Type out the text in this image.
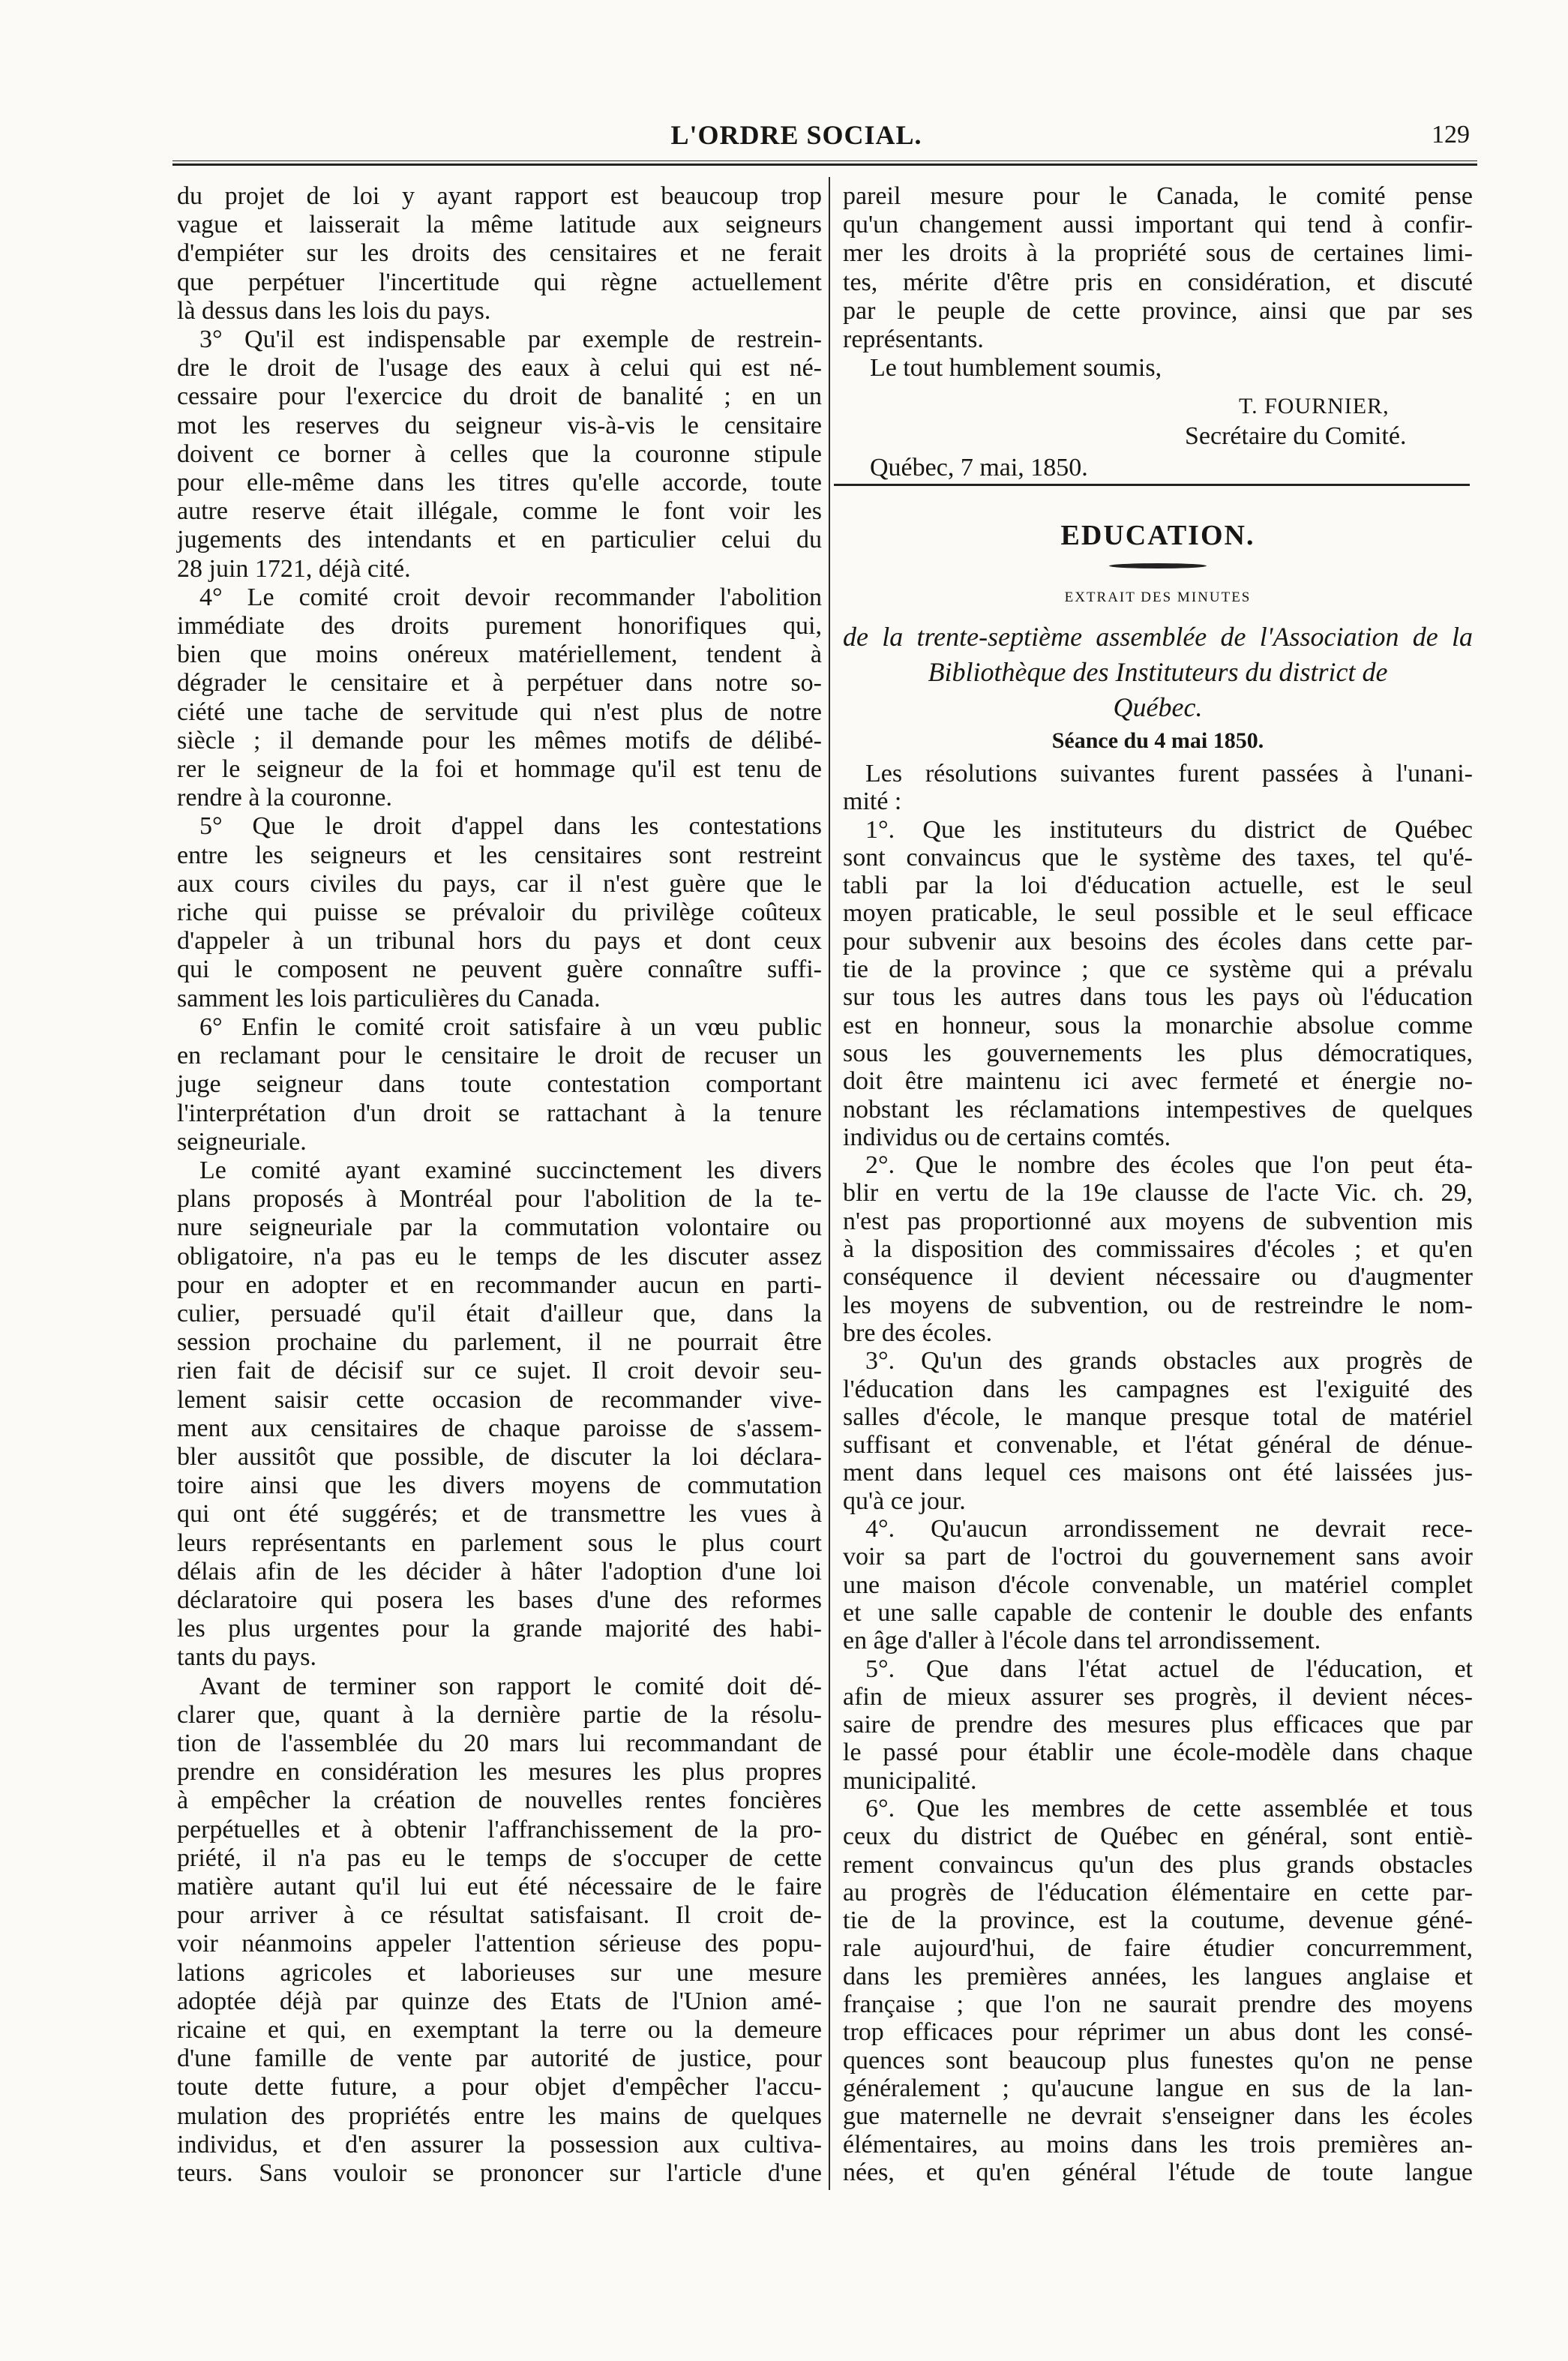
L'ORDRE SOCIAL.	129
du projet de loi y ayant rapport est beaucoup trop
vague et laisserait la même latitude aux seigneurs
d'empiéter sur les droits des censitaires et ne ferait
que perpétuer l'incertitude qui règne actuellement
là dessus dans les lois du pays.
3° Qu'il est indispensable par exemple de restrein-
dre le droit de l'usage des eaux à celui qui est né-
cessaire pour l'exercice du droit de banalité ; en un
mot les reserves du seigneur vis-à-vis le censitaire
doivent ce borner à celles que la couronne stipule
pour elle-même dans les titres qu'elle accorde, toute
autre reserve était illégale, comme le font voir les
jugements des intendants et en particulier celui du
28 juin 1721, déjà cité.
4° Le comité croit devoir recommander l'abolition
immédiate des droits purement honorifiques qui,
bien que moins onéreux matériellement, tendent à
dégrader le censitaire et à perpétuer dans notre so-
ciété une tache de servitude qui n'est plus de notre
siècle ; il demande pour les mêmes motifs de délibé-
rer le seigneur de la foi et hommage qu'il est tenu de
rendre à la couronne.
5° Que le droit d'appel dans les contestations
entre les seigneurs et les censitaires sont restreint
aux cours civiles du pays, car il n'est guère que le
riche qui puisse se prévaloir du privilège coûteux
d'appeler à un tribunal hors du pays et dont ceux
qui le composent ne peuvent guère connaître suffi-
samment les lois particulières du Canada.
6° Enfin le comité croit satisfaire à un vœu public
en reclamant pour le censitaire le droit de recuser un
juge seigneur dans toute contestation comportant
l'interprétation d'un droit se rattachant à la tenure
seigneuriale.
Le comité ayant examiné succinctement les divers
plans proposés à Montréal pour l'abolition de la te-
nure seigneuriale par la commutation volontaire ou
obligatoire, n'a pas eu le temps de les discuter assez
pour en adopter et en recommander aucun en parti-
culier, persuadé qu'il était d'ailleur que, dans la
session prochaine du parlement, il ne pourrait être
rien fait de décisif sur ce sujet. Il croit devoir seu-
lement saisir cette occasion de recommander vive-
ment aux censitaires de chaque paroisse de s'assem-
bler aussitôt que possible, de discuter la loi déclara-
toire ainsi que les divers moyens de commutation
qui ont été suggérés; et de transmettre les vues à
leurs représentants en parlement sous le plus court
délais afin de les décider à hâter l'adoption d'une loi
déclaratoire qui posera les bases d'une des reformes
les plus urgentes pour la grande majorité des habi-
tants du pays.
Avant de terminer son rapport le comité doit dé-
clarer que, quant à la dernière partie de la résolu-
tion de l'assemblée du 20 mars lui recommandant de
prendre en considération les mesures les plus propres
à empêcher la création de nouvelles rentes foncières
perpétuelles et à obtenir l'affranchissement de la pro-
priété, il n'a pas eu le temps de s'occuper de cette
matière autant qu'il lui eut été nécessaire de le faire
pour arriver à ce résultat satisfaisant. Il croit de-
voir néanmoins appeler l'attention sérieuse des popu-
lations agricoles et laborieuses sur une mesure
adoptée déjà par quinze des Etats de l'Union amé-
ricaine et qui, en exemptant la terre ou la demeure
d'une famille de vente par autorité de justice, pour
toute dette future, a pour objet d'empêcher l'accu-
mulation des propriétés entre les mains de quelques
individus, et d'en assurer la possession aux cultiva-
teurs. Sans vouloir se prononcer sur l'article d'une
pareil mesure pour le Canada, le comité pense
qu'un changement aussi important qui tend à confir-
mer les droits à la propriété sous de certaines limi-
tes, mérite d'être pris en considération, et discuté
par le peuple de cette province, ainsi que par ses
représentants.
Le tout humblement soumis,
T. FOURNIER,
Secrétaire du Comité.
Québec, 7 mai, 1850.
EDUCATION.
EXTRAIT DES MINUTES
de la trente-septième assemblée de l'Association de la
Bibliothèque des Instituteurs du district de
Québec.
Séance du 4 mai 1850.
Les résolutions suivantes furent passées à l'unani-
mité :
1°. Que les instituteurs du district de Québec
sont convaincus que le système des taxes, tel qu'é-
tabli par la loi d'éducation actuelle, est le seul
moyen praticable, le seul possible et le seul efficace
pour subvenir aux besoins des écoles dans cette par-
tie de la province ; que ce système qui a prévalu
sur tous les autres dans tous les pays où l'éducation
est en honneur, sous la monarchie absolue comme
sous les gouvernements les plus démocratiques,
doit être maintenu ici avec fermeté et énergie no-
nobstant les réclamations intempestives de quelques
individus ou de certains comtés.
2°. Que le nombre des écoles que l'on peut éta-
blir en vertu de la 19e clausse de l'acte Vic. ch. 29,
n'est pas proportionné aux moyens de subvention mis
à la disposition des commissaires d'écoles ; et qu'en
conséquence il devient nécessaire ou d'augmenter
les moyens de subvention, ou de restreindre le nom-
bre des écoles.
3°. Qu'un des grands obstacles aux progrès de
l'éducation dans les campagnes est l'exiguité des
salles d'école, le manque presque total de matériel
suffisant et convenable, et l'état général de dénue-
ment dans lequel ces maisons ont été laissées jus-
qu'à ce jour.
4°. Qu'aucun arrondissement ne devrait rece-
voir sa part de l'octroi du gouvernement sans avoir
une maison d'école convenable, un matériel complet
et une salle capable de contenir le double des enfants
en âge d'aller à l'école dans tel arrondissement.
5°. Que dans l'état actuel de l'éducation, et
afin de mieux assurer ses progrès, il devient néces-
saire de prendre des mesures plus efficaces que par
le passé pour établir une école-modèle dans chaque
municipalité.
6°. Que les membres de cette assemblée et tous
ceux du district de Québec en général, sont entiè-
rement convaincus qu'un des plus grands obstacles
au progrès de l'éducation élémentaire en cette par-
tie de la province, est la coutume, devenue géné-
rale aujourd'hui, de faire étudier concurremment,
dans les premières années, les langues anglaise et
française ; que l'on ne saurait prendre des moyens
trop efficaces pour réprimer un abus dont les consé-
quences sont beaucoup plus funestes qu'on ne pense
généralement ; qu'aucune langue en sus de la lan-
gue maternelle ne devrait s'enseigner dans les écoles
élémentaires, au moins dans les trois premières an-
nées, et qu'en général l'étude de toute langue
